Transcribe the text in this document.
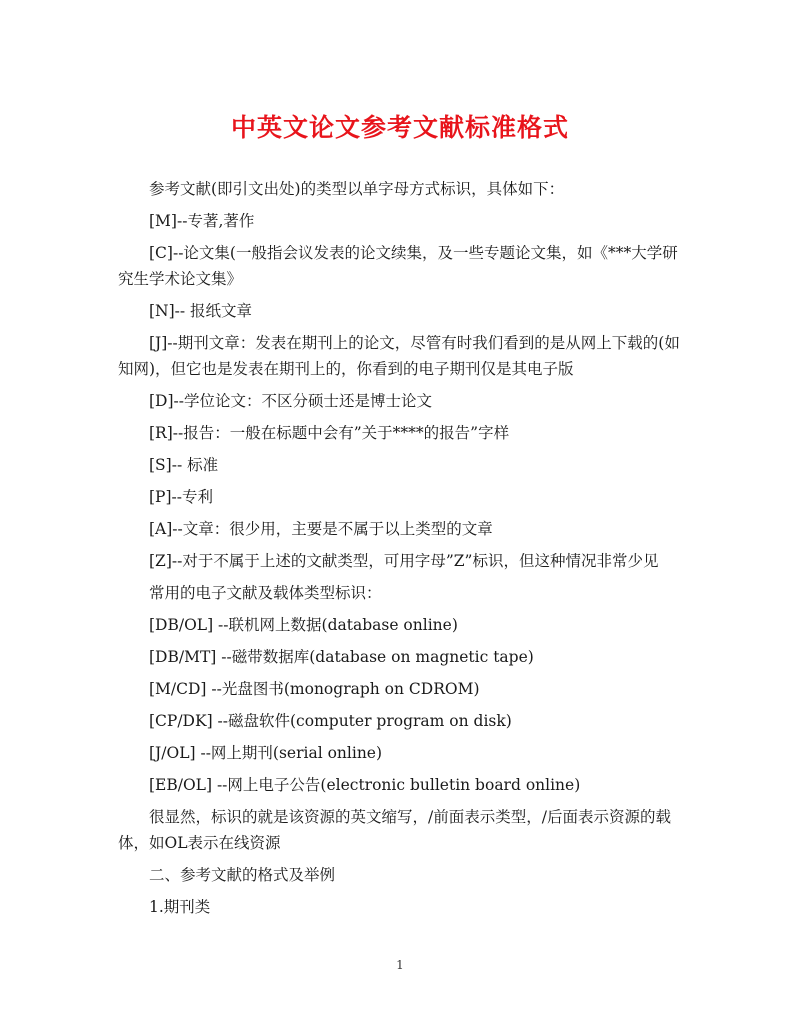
中英文论文参考文献标准格式

参考文献(即引文出处)的类型以单字母方式标识，具体如下：

[M]--专著,著作

[C]--论文集(一般指会议发表的论文续集，及一些专题论文集，如《***大学研究生学术论文集》

[N]-- 报纸文章

[J]--期刊文章：发表在期刊上的论文，尽管有时我们看到的是从网上下载的(如知网)，但它也是发表在期刊上的，你看到的电子期刊仅是其电子版

[D]--学位论文：不区分硕士还是博士论文

[R]--报告：一般在标题中会有”关于****的报告”字样

[S]-- 标准

[P]--专利

[A]--文章：很少用，主要是不属于以上类型的文章

[Z]--对于不属于上述的文献类型，可用字母”Z”标识，但这种情况非常少见

常用的电子文献及载体类型标识：

[DB/OL] --联机网上数据(database online)

[DB/MT] --磁带数据库(database on magnetic tape)

[M/CD] --光盘图书(monograph on CDROM)

[CP/DK] --磁盘软件(computer program on disk)

[J/OL] --网上期刊(serial online)

[EB/OL] --网上电子公告(electronic bulletin board online)

很显然，标识的就是该资源的英文缩写，/前面表示类型，/后面表示资源的载体，如OL表示在线资源

二、参考文献的格式及举例

1.期刊类

1
